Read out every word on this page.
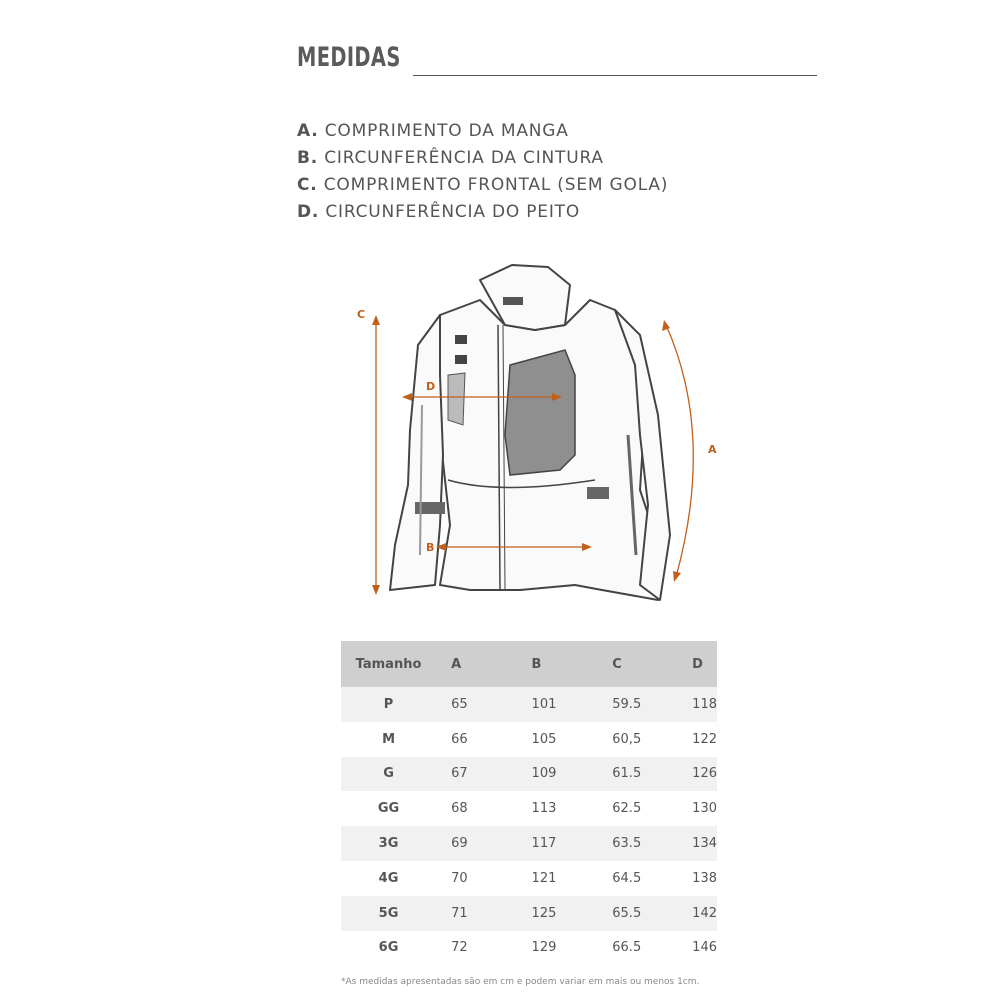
MEDIDAS
A. COMPRIMENTO DA MANGA
B. CIRCUNFERÊNCIA DA CINTURA
C. COMPRIMENTO FRONTAL (SEM GOLA)
D. CIRCUNFERÊNCIA DO PEITO
C
D
B
A
Tamanho	A	B	C	D
P	65	101	59.5	118
M	66	105	60,5	122
G	67	109	61.5	126
GG	68	113	62.5	130
3G	69	117	63.5	134
4G	70	121	64.5	138
5G	71	125	65.5	142
6G	72	129	66.5	146
*As medidas apresentadas são em cm e podem variar em mais ou menos 1cm.
